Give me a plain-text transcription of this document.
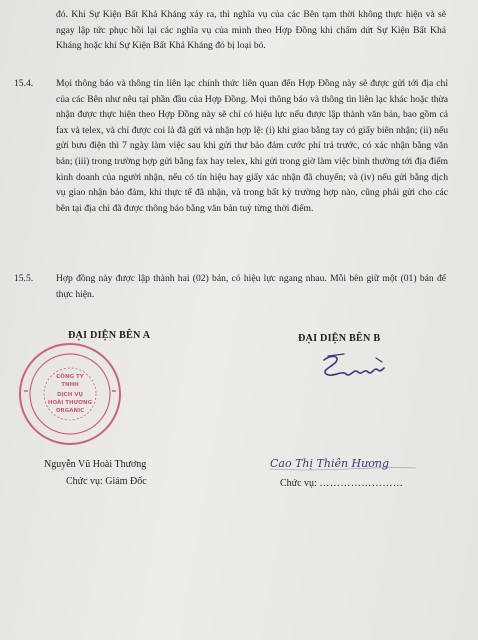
đó. Khi Sự Kiện Bất Khả Kháng xảy ra, thì nghĩa vụ của các Bên tạm thời không thực hiện và sẽ ngay lập tức phục hồi lại các nghĩa vụ của mình theo Hợp Đồng khi chấm dứt Sự Kiện Bất Khả Kháng hoặc khi Sự Kiện Bất Khả Kháng đó bị loại bỏ.
15.4. Mọi thông báo và thông tin liên lạc chính thức liên quan đến Hợp Đồng này sẽ được gửi tới địa chỉ của các Bên như nêu tại phần đầu của Hợp Đồng. Mọi thông báo và thông tin liên lạc khác hoặc thừa nhận được thực hiện theo Hợp Đồng này sẽ chỉ có hiệu lực nếu được lập thành văn bản, bao gồm cả fax và telex, và chỉ được coi là đã gửi và nhận hợp lệ: (i) khi giao bằng tay có giấy biên nhận; (ii) nếu gửi bưu điện thì 7 ngày làm việc sau khi gửi thư bảo đảm cước phí trả trước, có xác nhận bằng văn bản; (iii) trong trường hợp gửi bằng fax hay telex, khi gửi trong giờ làm việc bình thường tới địa điểm kinh doanh của người nhận, nếu có tín hiệu hay giấy xác nhận đã chuyển; và (iv) nếu gửi bằng dịch vụ giao nhận bảo đảm, khi thực tế đã nhận, và trong bất kỳ trường hợp nào, cũng phải gửi cho các bên tại địa chỉ đã được thông báo bằng văn bản tuỳ từng thời điểm.
15.5. Hợp đồng này được lập thành hai (02) bản, có hiệu lực ngang nhau. Mỗi bên giữ một (01) bản để thực hiện.
ĐẠI DIỆN BÊN A	ĐẠI DIỆN BÊN B
CÔNG TY
TNHH
DỊCH VỤ
HOÀI THƯƠNG
ORGANIC
Nguyễn Vũ Hoài Thương
Chức vụ: Giám Đốc
Cao Thị Thiên Hương
Chức vụ: ……………………
